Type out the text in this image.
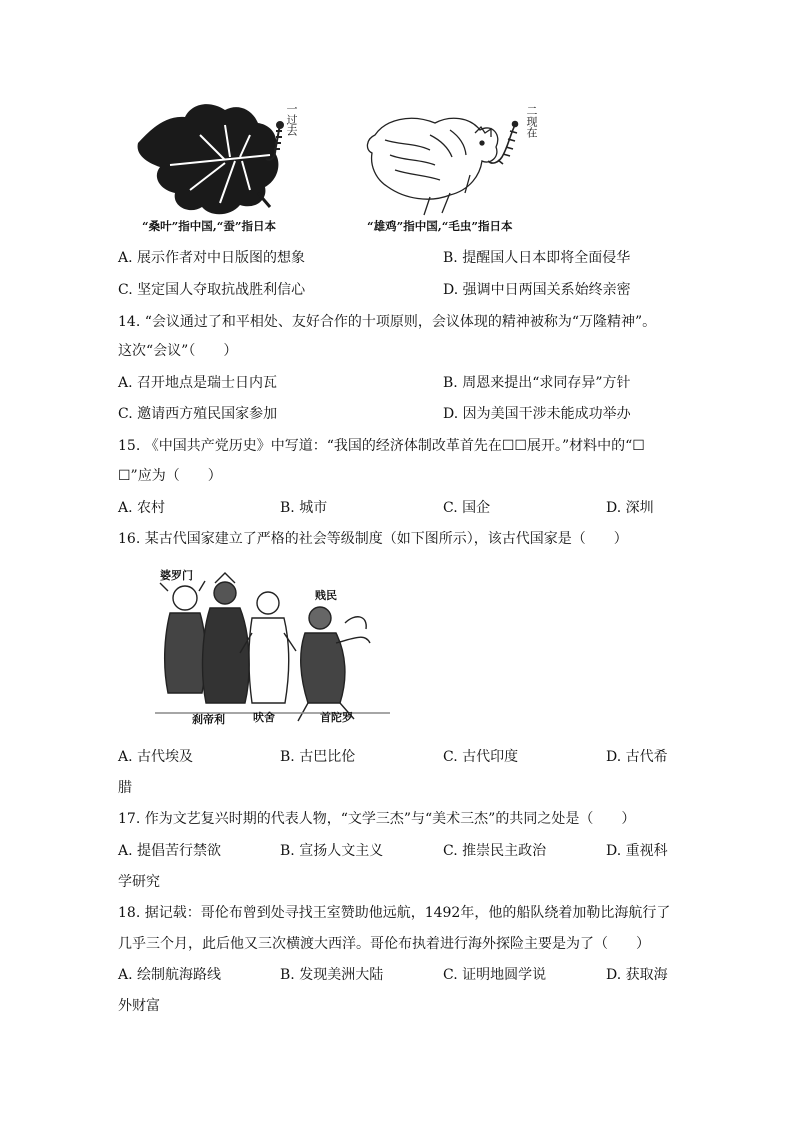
一过去	二现在
“桑叶”指中国,“蚕”指日本	“雄鸡”指中国,“毛虫”指日本
A. 展示作者对中日版图的想象	B. 提醒国人日本即将全面侵华
C. 坚定国人夺取抗战胜利信心	D. 强调中日两国关系始终亲密
14. “会议通过了和平相处、友好合作的十项原则，会议体现的精神被称为“万隆精神”。
这次“会议”（　　）
A. 召开地点是瑞士日内瓦	B. 周恩来提出“求同存异”方针
C. 邀请西方殖民国家参加	D. 因为美国干涉未能成功举办
15. 《中国共产党历史》中写道：“我国的经济体制改革首先在☐☐展开。”材料中的“☐
☐”应为（　　）
A. 农村	B. 城市	C. 国企	D. 深圳
16. 某古代国家建立了严格的社会等级制度（如下图所示），该古代国家是（　　）
婆罗门
贱民
刹帝利	吠舍	首陀罗
A. 古代埃及	B. 古巴比伦	C. 古代印度	D. 古代希
腊
17. 作为文艺复兴时期的代表人物，“文学三杰”与“美术三杰”的共同之处是（　　）
A. 提倡苦行禁欲	B. 宣扬人文主义	C. 推崇民主政治	D. 重视科
学研究
18. 据记载：哥伦布曾到处寻找王室赞助他远航，1492年，他的船队绕着加勒比海航行了
几乎三个月，此后他又三次横渡大西洋。哥伦布执着进行海外探险主要是为了（　　）
A. 绘制航海路线	B. 发现美洲大陆	C. 证明地圆学说	D. 获取海
外财富
